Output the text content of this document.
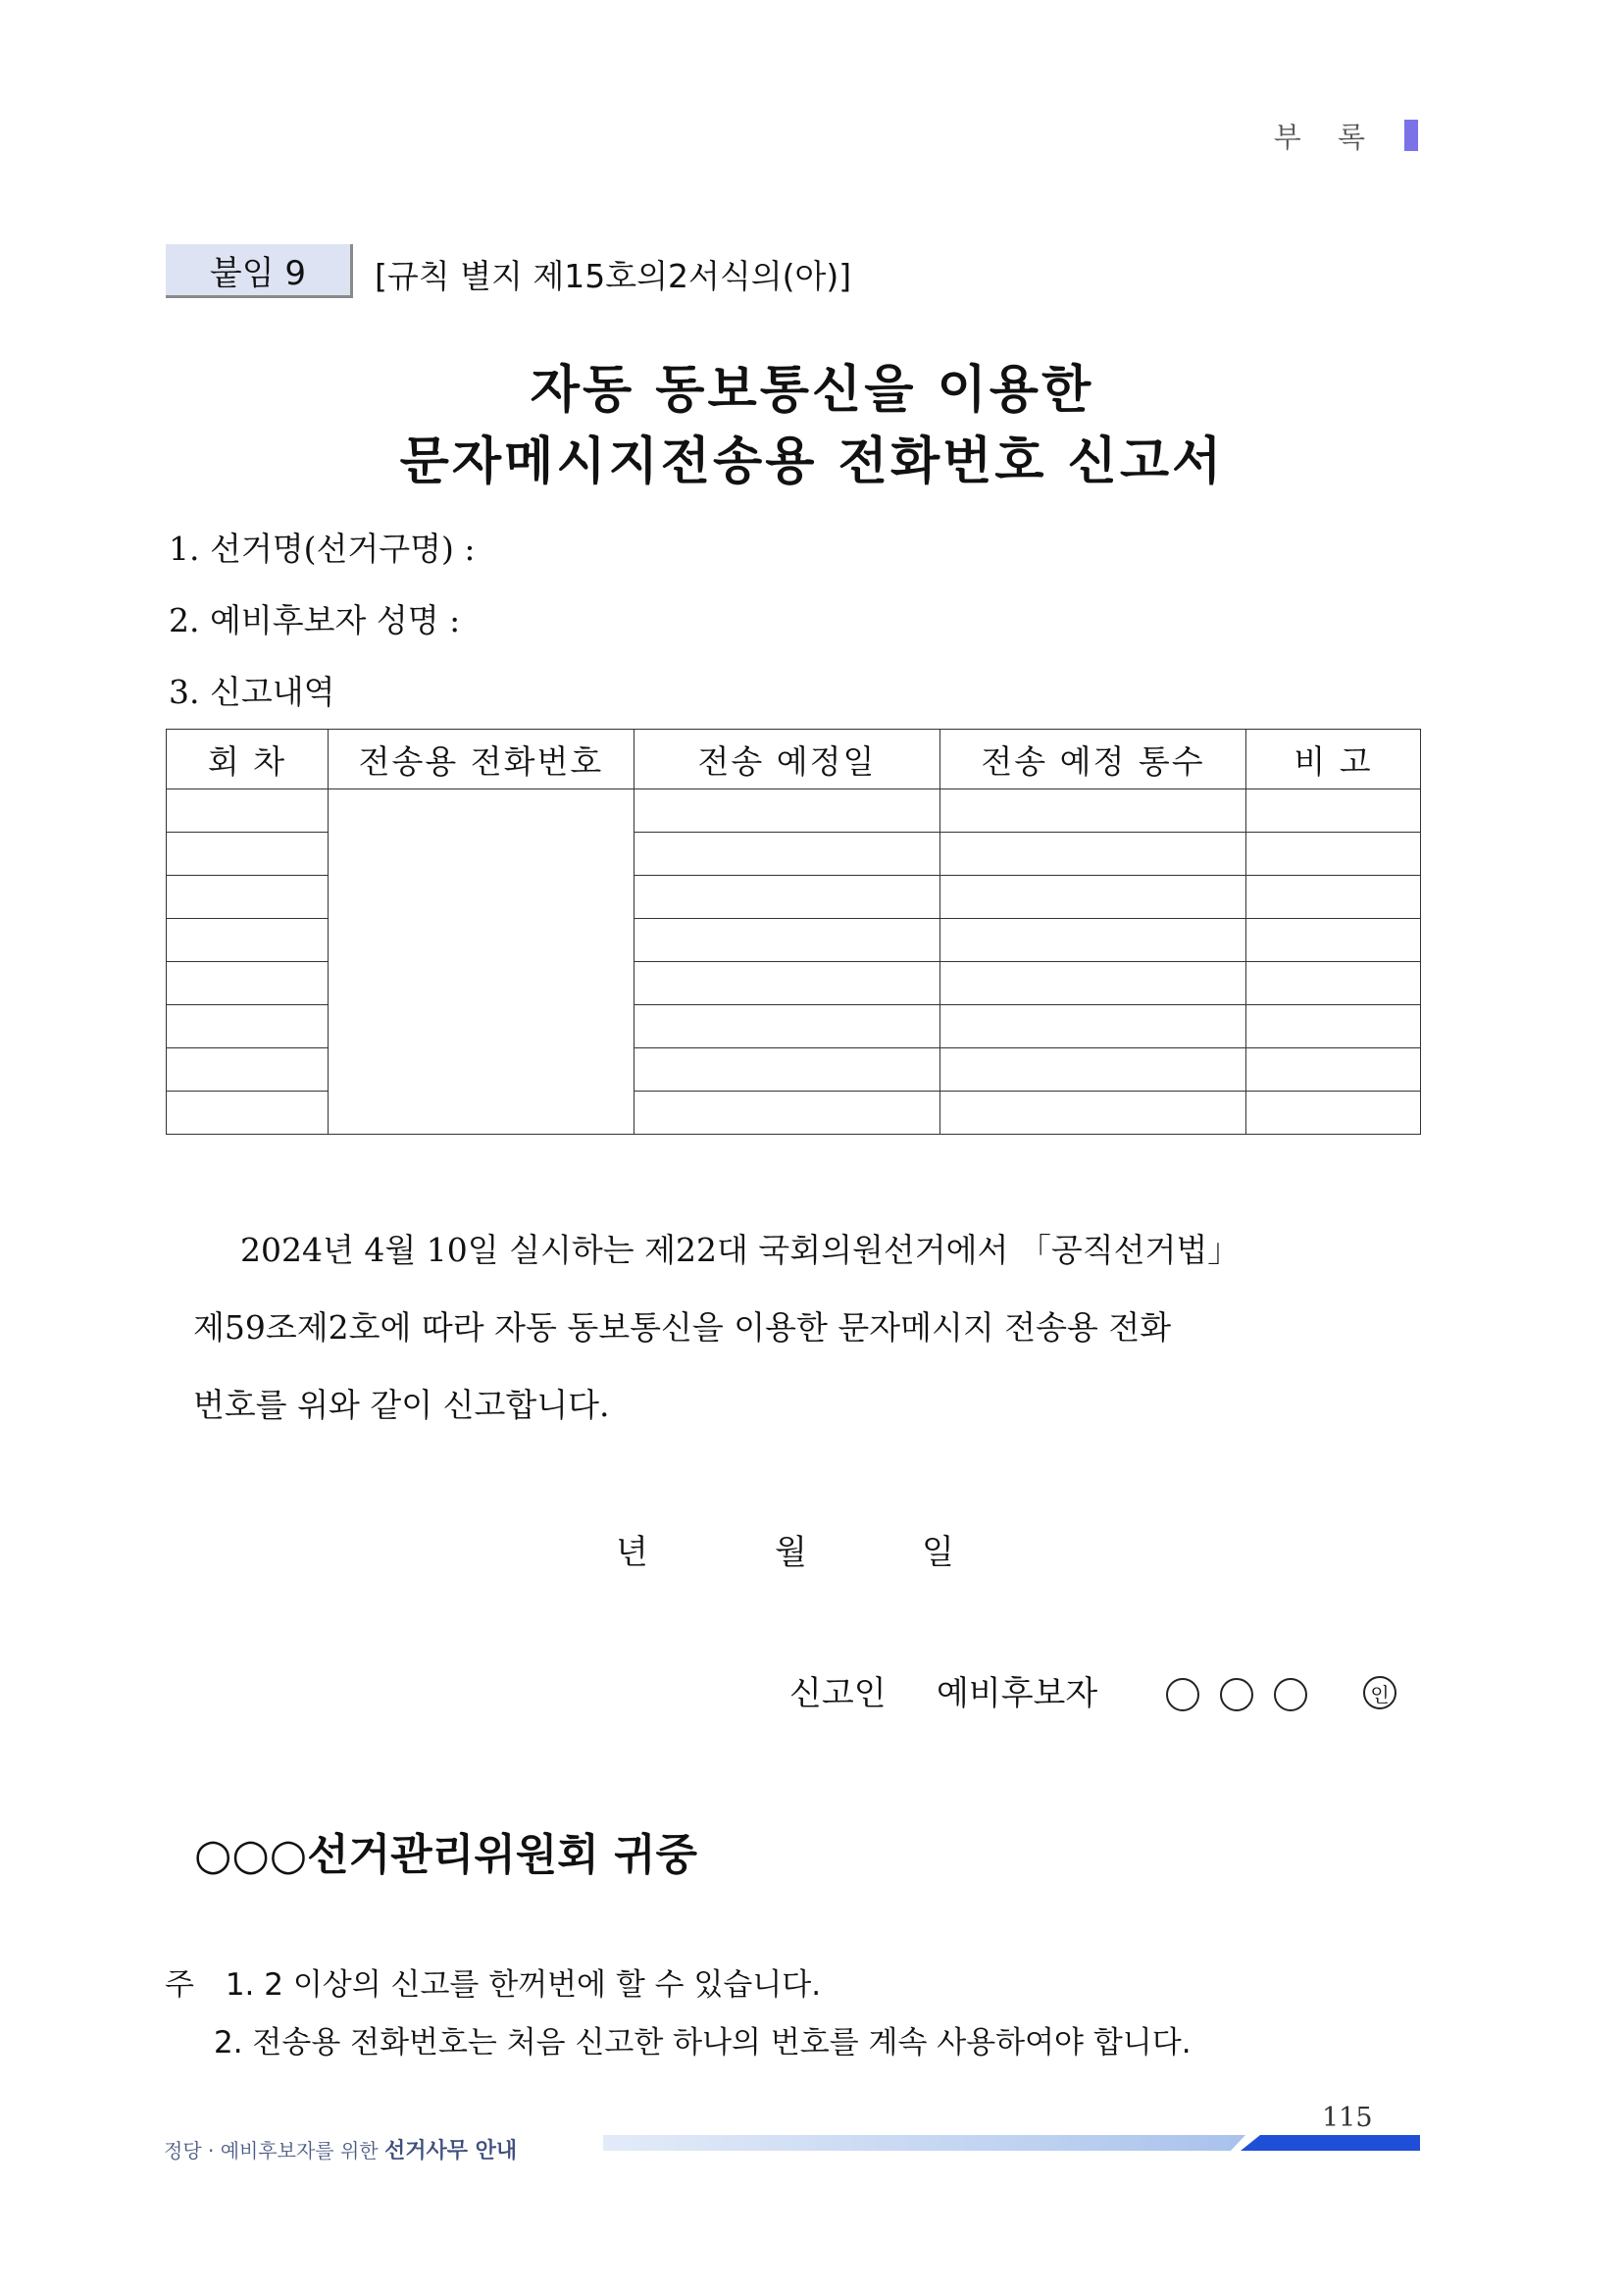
부 록
붙임 9	[규칙 별지 제15호의2서식의(아)]
자동 동보통신을 이용한
문자메시지전송용 전화번호 신고서
1. 선거명(선거구명) :
2. 예비후보자 성명 :
3. 신고내역
회 차	전송용 전화번호	전송 예정일	전송 예정 통수	비 고

2024년 4월 10일 실시하는 제22대 국회의원선거에서 「공직선거법」
제59조제2호에 따라 자동 동보통신을 이용한 문자메시지 전송용 전화
번호를 위와 같이 신고합니다.
년	월	일
신고인 예비후보자	인
○○○선거관리위원회 귀중
주 1. 2 이상의 신고를 한꺼번에 할 수 있습니다.
2. 전송용 전화번호는 처음 신고한 하나의 번호를 계속 사용하여야 합니다.
115
정당 · 예비후보자를 위한 선거사무 안내
